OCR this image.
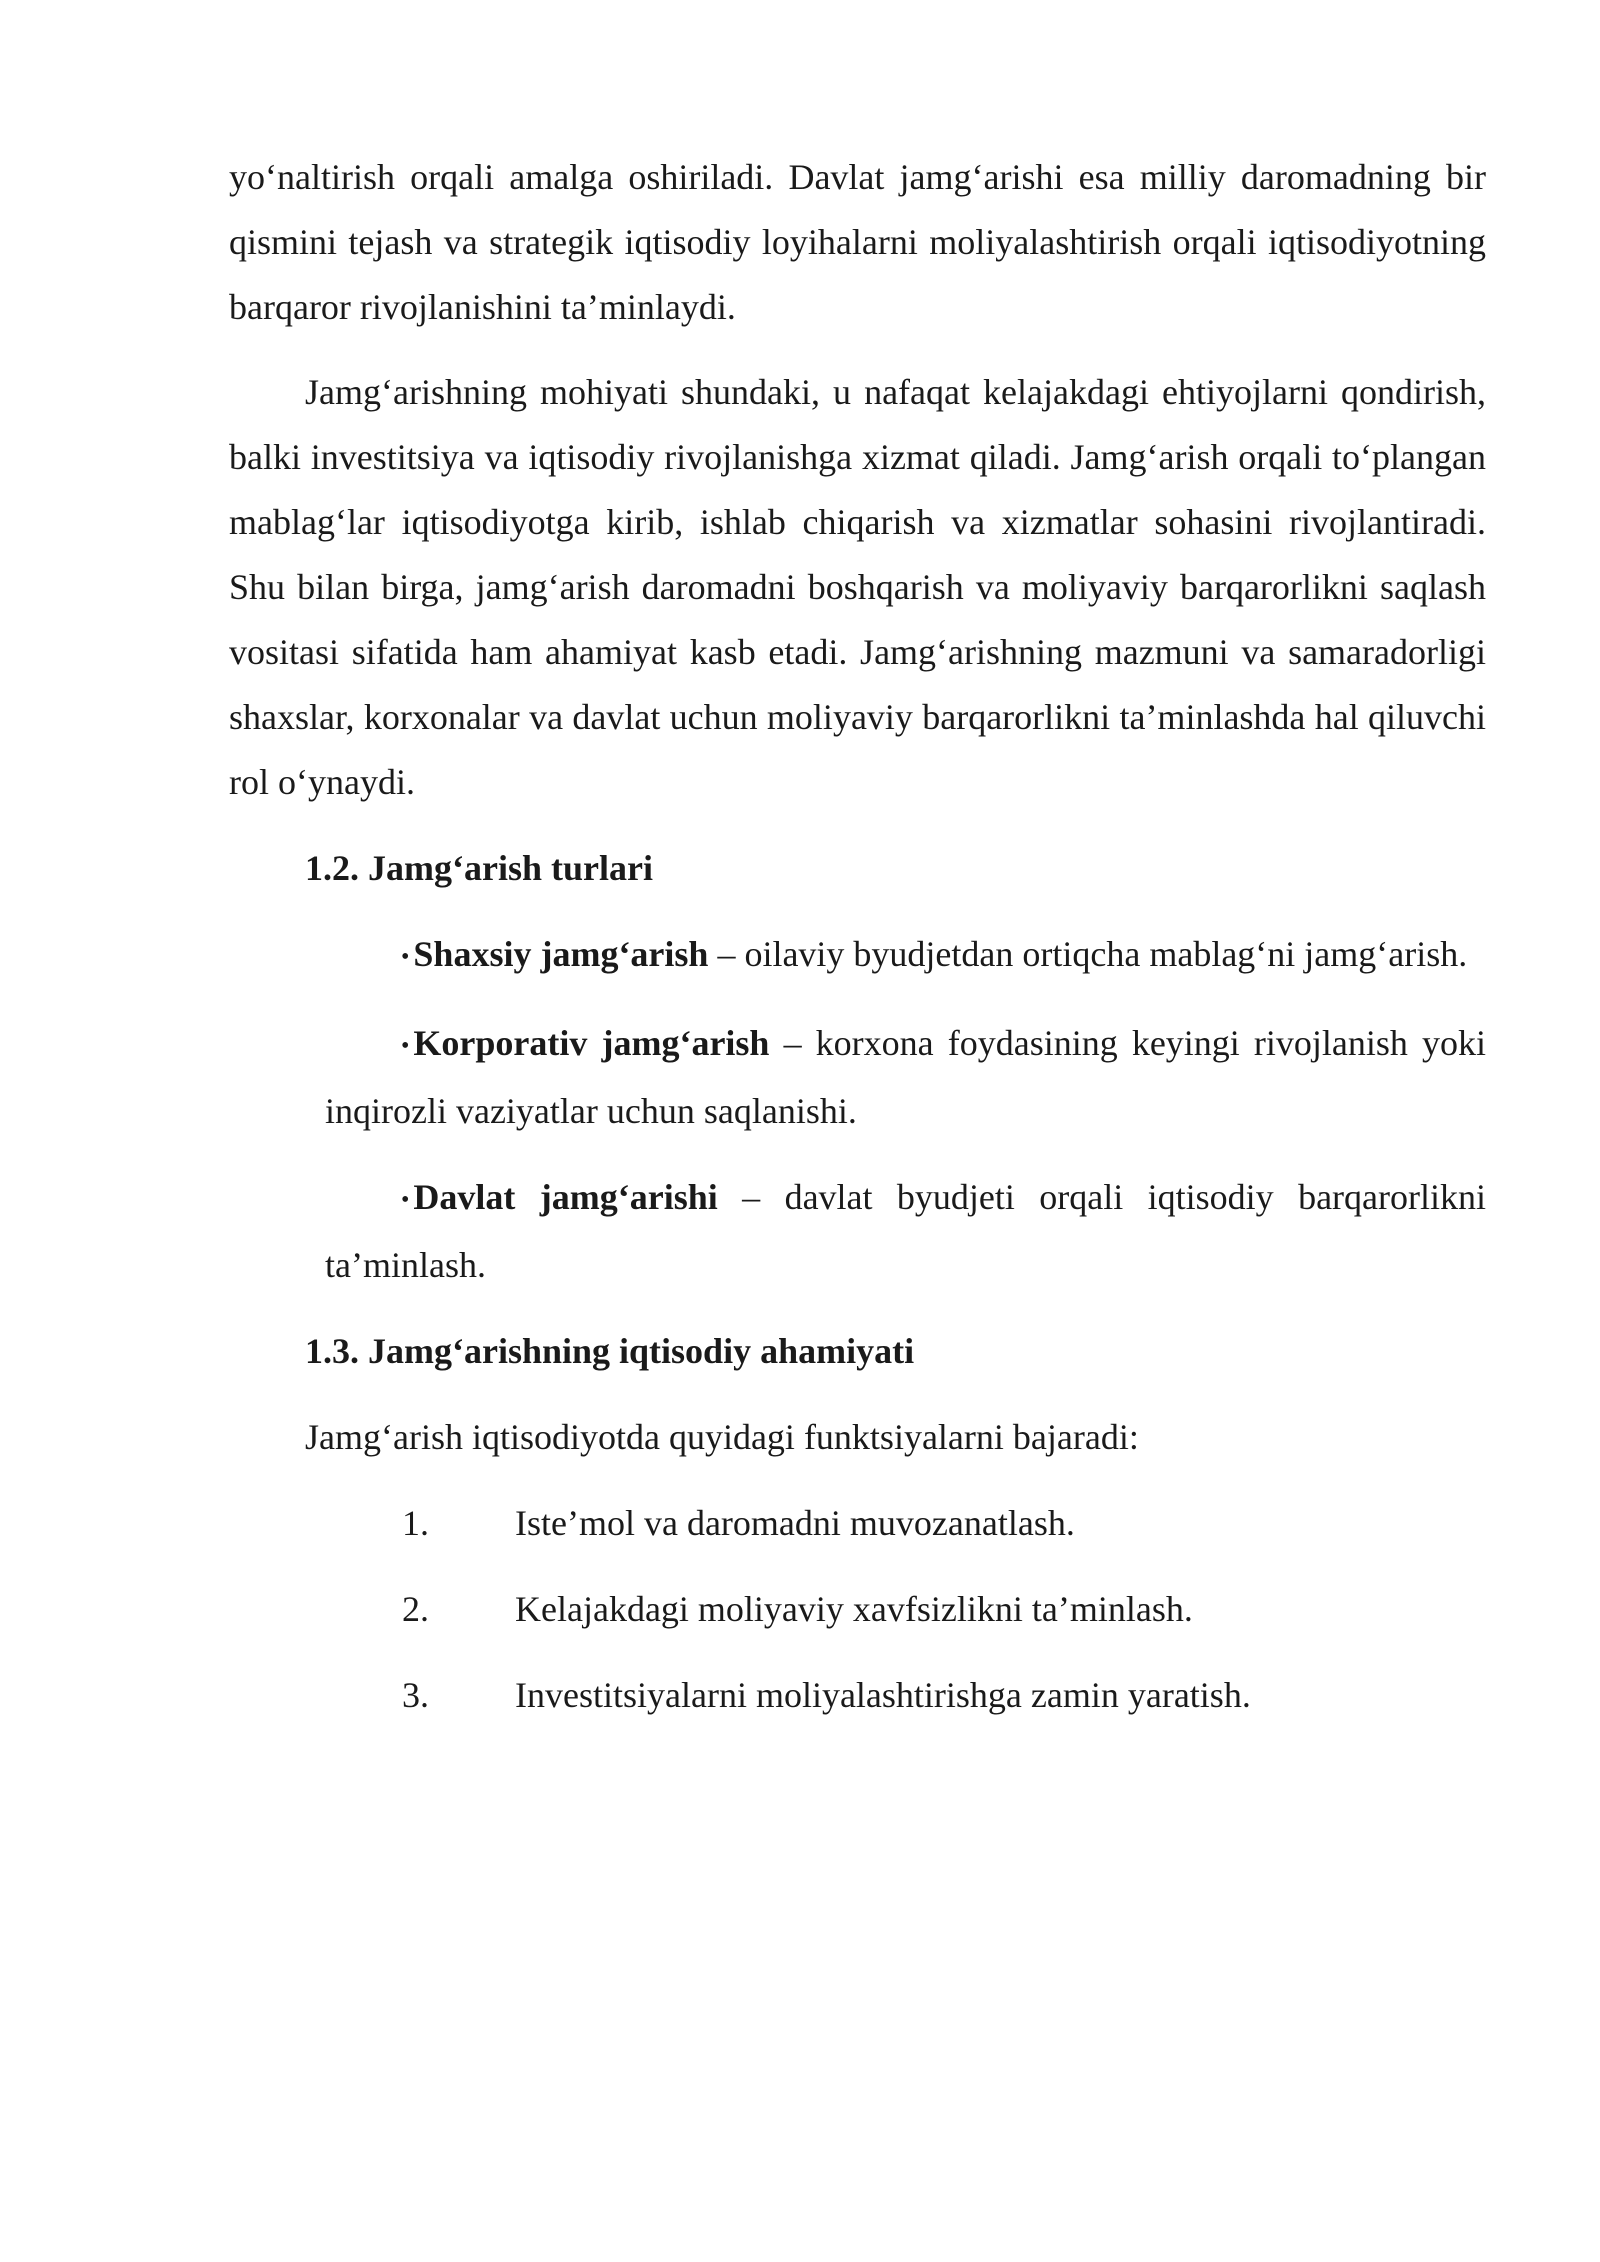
yo‘naltirish orqali amalga oshiriladi. Davlat jamg‘arishi esa milliy daromadning bir qismini tejash va strategik iqtisodiy loyihalarni moliyalashtirish orqali iqtisodiyotning barqaror rivojlanishini ta’minlaydi.

Jamg‘arishning mohiyati shundaki, u nafaqat kelajakdagi ehtiyojlarni qondirish, balki investitsiya va iqtisodiy rivojlanishga xizmat qiladi. Jamg‘arish orqali to‘plangan mablag‘lar iqtisodiyotga kirib, ishlab chiqarish va xizmatlar sohasini rivojlantiradi. Shu bilan birga, jamg‘arish daromadni boshqarish va moliyaviy barqarorlikni saqlash vositasi sifatida ham ahamiyat kasb etadi. Jamg‘arishning mazmuni va samaradorligi shaxslar, korxonalar va davlat uchun moliyaviy barqarorlikni ta’minlashda hal qiluvchi rol o‘ynaydi.

1.2. Jamg‘arish turlari

• Shaxsiy jamg‘arish – oilaviy byudjetdan ortiqcha mablag‘ni jamg‘arish.

• Korporativ jamg‘arish – korxona foydasining keyingi rivojlanish yoki inqirozli vaziyatlar uchun saqlanishi.

• Davlat jamg‘arishi – davlat byudjeti orqali iqtisodiy barqarorlikni ta’minlash.

1.3. Jamg‘arishning iqtisodiy ahamiyati

Jamg‘arish iqtisodiyotda quyidagi funktsiyalarni bajaradi:

1. Iste’mol va daromadni muvozanatlash.

2. Kelajakdagi moliyaviy xavfsizlikni ta’minlash.

3. Investitsiyalarni moliyalashtirishga zamin yaratish.
